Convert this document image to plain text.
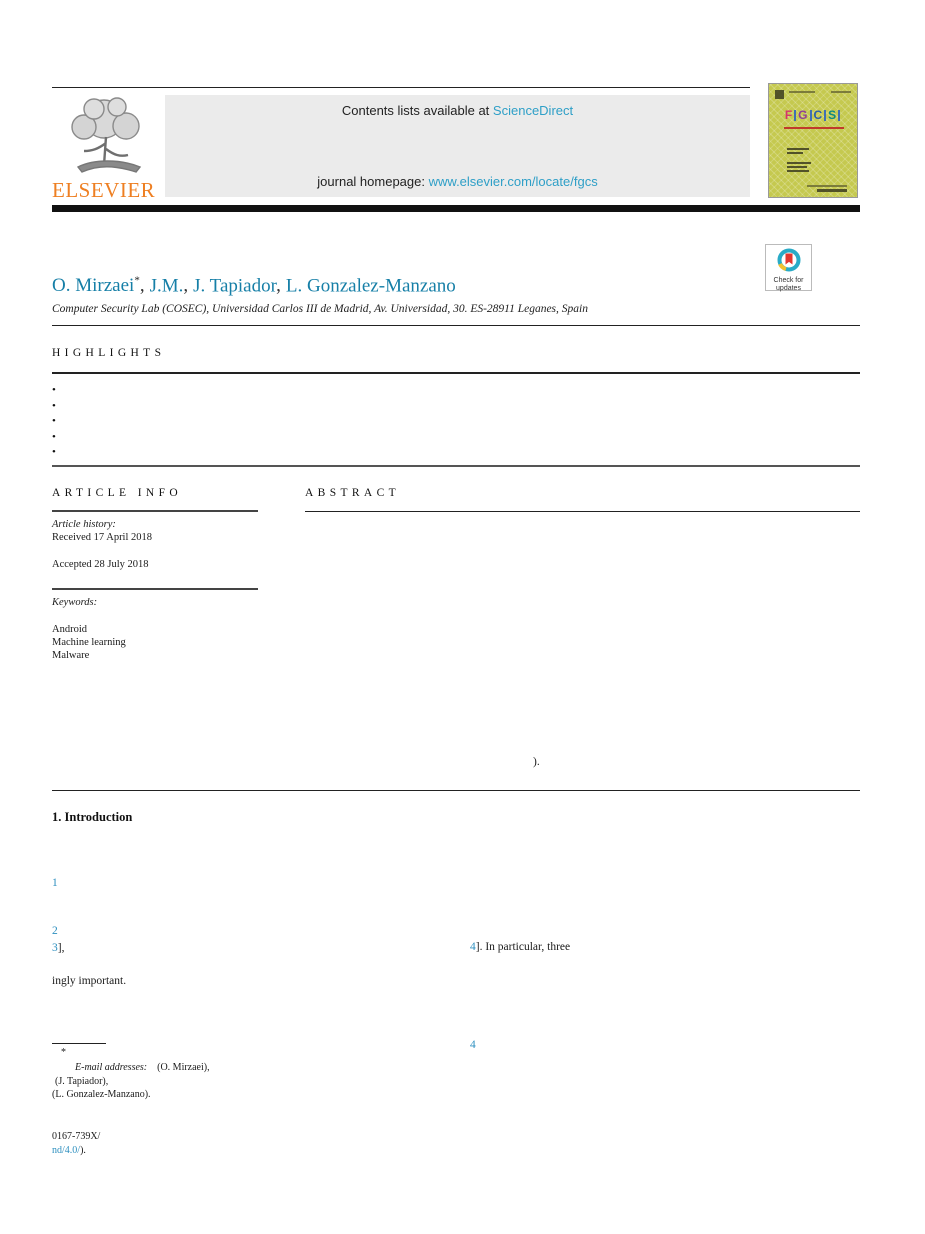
ELSEVIER
Contents lists available at ScienceDirect
journal homepage: www.elsevier.com/locate/fgcs
F G C S
Check for
updates
O. Mirzaei*, J.M., J. Tapiador, L. Gonzalez-Manzano
Computer Security Lab (COSEC), Universidad Carlos III de Madrid, Av. Universidad, 30. ES-28911 Leganes, Spain
HIGHLIGHTS
•
•
•
•
•
ARTICLE INFO
Article history:
Received 17 April 2018
Accepted 28 July 2018
Keywords:
Android
Machine learning
Malware
ABSTRACT
).
1. Introduction
1
2
3],	4]. In particular, three
ingly important.
4
*
E-mail addresses: (O. Mirzaei),
(J. Tapiador),
(L. Gonzalez-Manzano).
0167-739X/
nd/4.0/).
